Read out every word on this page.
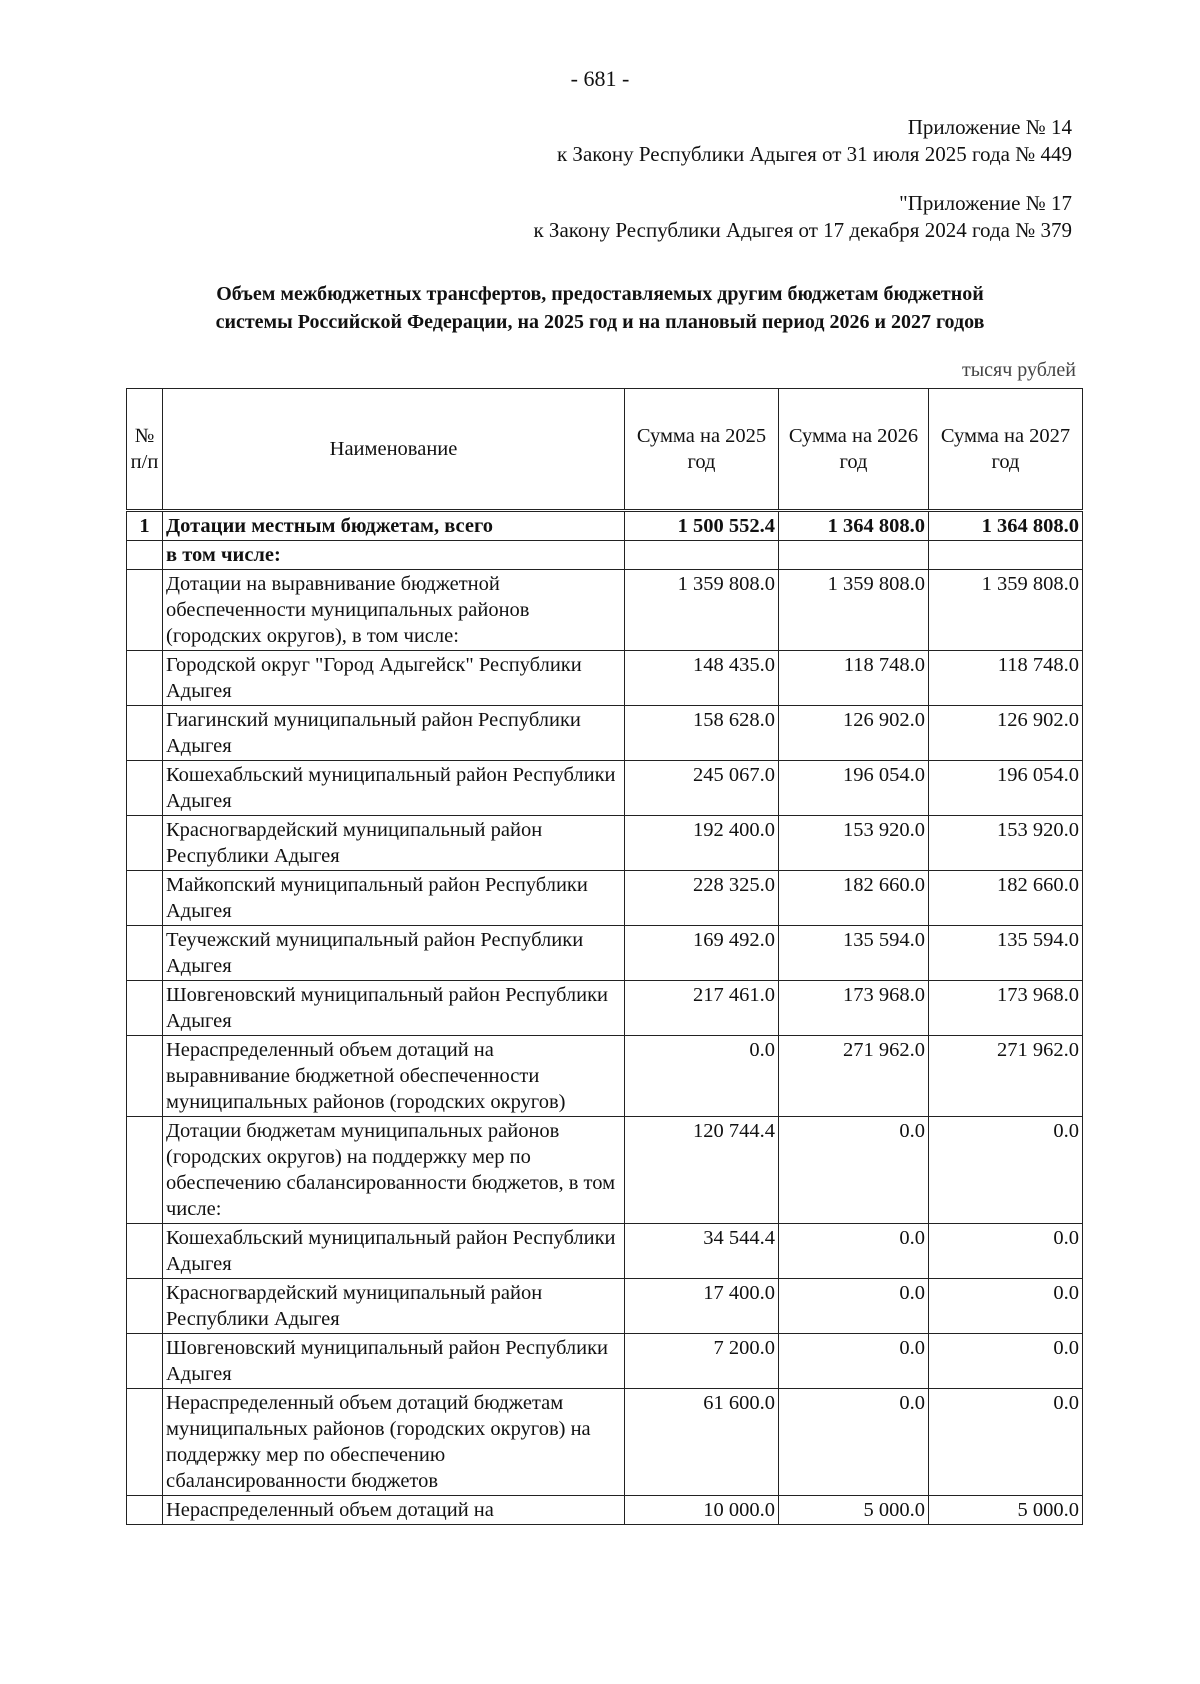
- 681 -
Приложение № 14
к Закону Республики Адыгея от 31 июля 2025 года № 449
"Приложение № 17
к Закону Республики Адыгея от 17 декабря 2024 года № 379
Объем межбюджетных трансфертов, предоставляемых другим бюджетам бюджетной
системы Российской Федерации, на 2025 год и на плановый период 2026 и 2027 годов
тысяч рублей
№ п/п	Наименование	Сумма на 2025 год	Сумма на 2026 год	Сумма на 2027 год
1	Дотации местным бюджетам, всего	1 500 552.4	1 364 808.0	1 364 808.0
	в том числе:			
	Дотации на выравнивание бюджетной обеспеченности муниципальных районов (городских округов), в том числе:	1 359 808.0	1 359 808.0	1 359 808.0
	Городской округ "Город Адыгейск" Республики Адыгея	148 435.0	118 748.0	118 748.0
	Гиагинский муниципальный район Республики Адыгея	158 628.0	126 902.0	126 902.0
	Кошехабльский муниципальный район Республики Адыгея	245 067.0	196 054.0	196 054.0
	Красногвардейский муниципальный район Республики Адыгея	192 400.0	153 920.0	153 920.0
	Майкопский муниципальный район Республики Адыгея	228 325.0	182 660.0	182 660.0
	Теучежский муниципальный район Республики Адыгея	169 492.0	135 594.0	135 594.0
	Шовгеновский муниципальный район Республики Адыгея	217 461.0	173 968.0	173 968.0
	Нераспределенный объем дотаций на выравнивание бюджетной обеспеченности муниципальных районов (городских округов)	0.0	271 962.0	271 962.0
	Дотации бюджетам муниципальных районов (городских округов) на поддержку мер по обеспечению сбалансированности бюджетов, в том числе:	120 744.4	0.0	0.0
	Кошехабльский муниципальный район Республики Адыгея	34 544.4	0.0	0.0
	Красногвардейский муниципальный район Республики Адыгея	17 400.0	0.0	0.0
	Шовгеновский муниципальный район Республики Адыгея	7 200.0	0.0	0.0
	Нераспределенный объем дотаций бюджетам муниципальных районов (городских округов) на поддержку мер по обеспечению сбалансированности бюджетов	61 600.0	0.0	0.0
	Нераспределенный объем дотаций на	10 000.0	5 000.0	5 000.0
